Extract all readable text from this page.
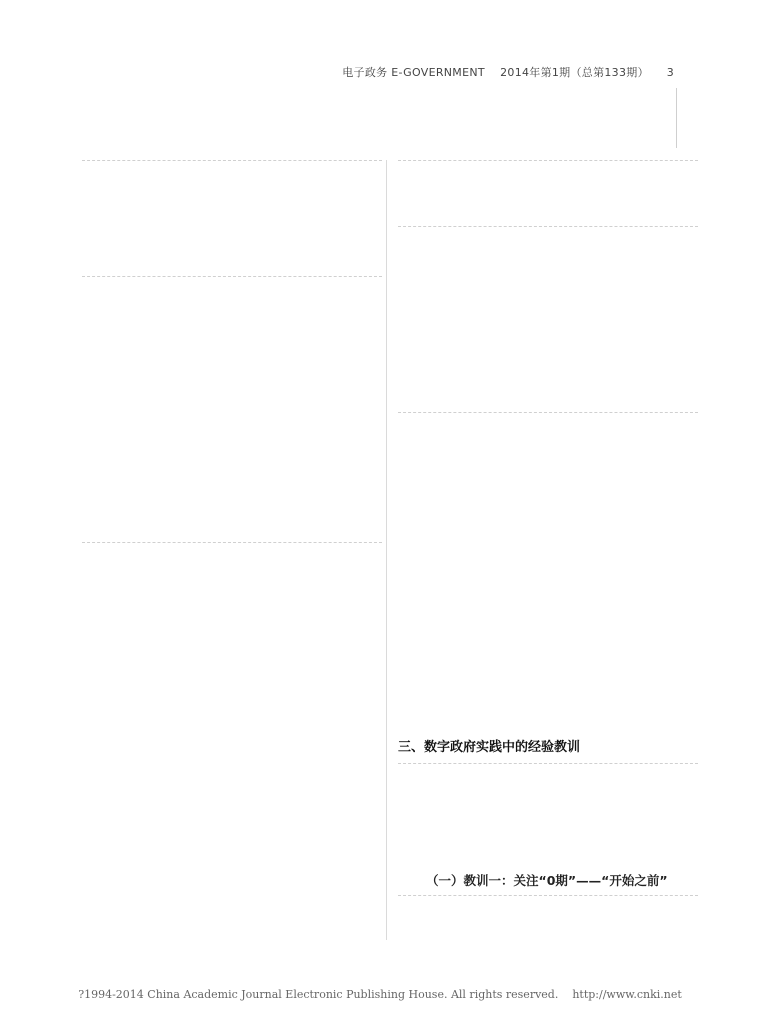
电子政务 E-GOVERNMENT 2014年第1期（总第133期） 3
三、数字政府实践中的经验教训
（一）教训一：关注“0期”——“开始之前”
?1994-2014 China Academic Journal Electronic Publishing House. All rights reserved. http://www.cnki.net
